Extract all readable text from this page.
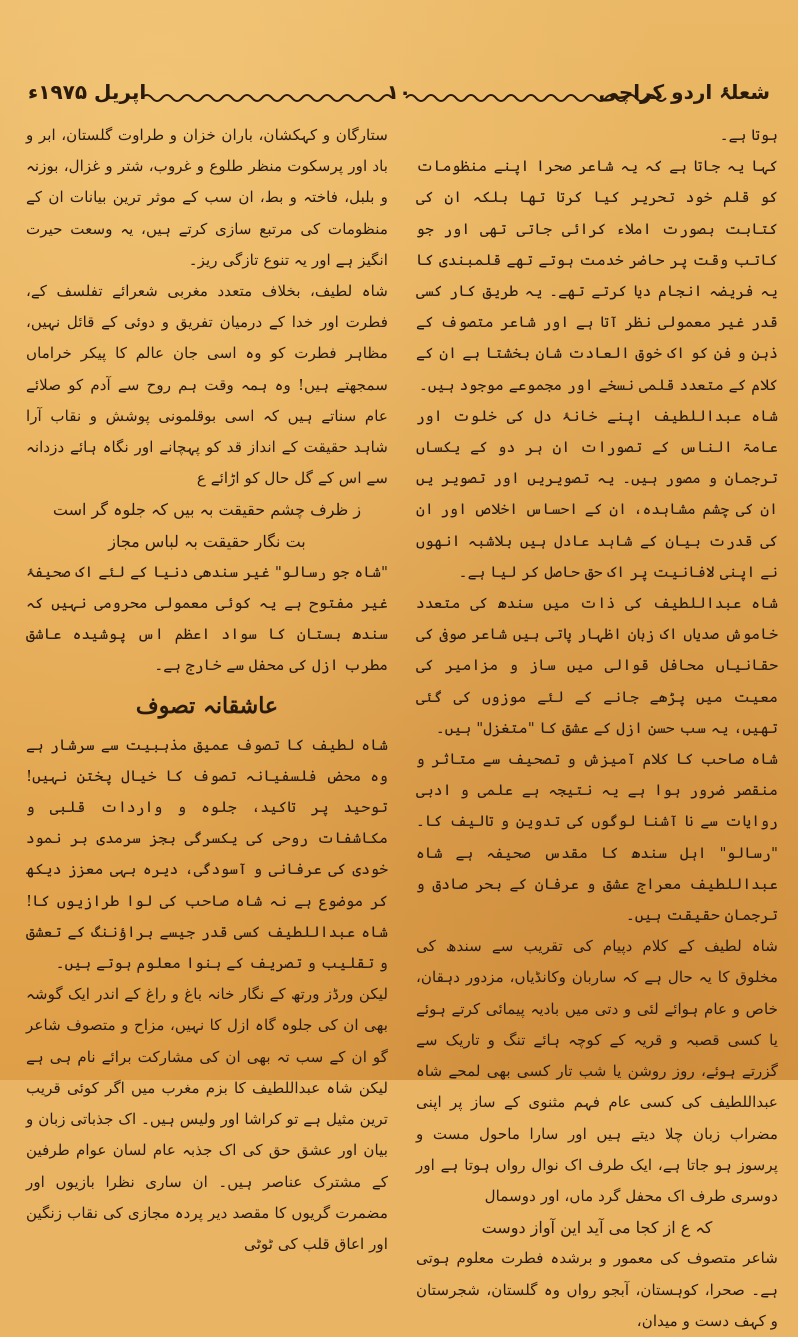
شعلۂ اردو کراچی
۱۰
اپریل ۱۹۷۵ء

ہوتا ہے۔

کہا یہ جاتا ہے کہ یہ شاعر صحرا اپنے منظومات کو قلم خود تحریر کیا کرتا تھا بلکہ ان کی کتابت بصورت املاء کرائی جاتی تھی اور جو کاتب وقت پر حاضر خدمت ہوتے تھے قلمبندی کا یہ فریضہ انجام دیا کرتے تھے۔ یہ طریق کار کسی قدر غیر معمولی نظر آتا ہے اور شاعر متصوف کے ذہن و فن کو اک خوق العادت شان بخشتا ہے ان کے کلام کے متعدد قلمی نسخے اور مجموعے موجود ہیں۔

شاہ عبداللطیف اپنے خانۂ دل کی خلوت اور عامۃ الناس کے تصورات ان ہر دو کے یکساں ترجمان و مصور ہیں۔ یہ تصویریں اور تصویر یں ان کی چشم مشاہدہ، ان کے احساس اخلاص اور ان کی قدرت بیان کے شاہد عادل ہیں بلاشبہ انھوں نے اپنی لافانیت پر اک حق حاصل کر لیا ہے۔

شاہ عبداللطیف کی ذات میں سندھ کی متعدد خاموش صدیاں اک زبان اظہار پاتی ہیں شاعر صوفی کی حقانیاں محافل قوالی میں ساز و مزامیر کی معیت میں پڑھے جانے کے لئے موزوں کی گئی تھیں، یہ سب حسن ازل کے عشق کا "متغزل" ہیں۔

شاہ صاحب کا کلام آمیزش و تصحیف سے متاثر و منقصر ضرور ہوا ہے یہ نتیجہ ہے علمی و ادبی روایات سے نا آشنا لوگوں کی تدوین و تالیف کا۔ "رسالو" اہل سندھ کا مقدس صحیفہ ہے شاہ عبداللطیف معراج عشق و عرفان کے بحر صادق و ترجمان حقیقت ہیں۔

شاہ لطیف کے کلام دپیام کی تقریب سے سندھ کی مخلوق کا یہ حال ہے کہ ساربان وکانڈیاں، مزدور دہقان، خاص و عام ہوائے لئی و دتی میں بادیہ پیمائی کرتے ہوئے یا کسی قصبہ و قریہ کے کوچہ ہائے تنگ و تاریک سے گزرتے ہوئے، روز روشن یا شب تار کسی بھی لمحے شاہ عبداللطیف کی کسی عام فہم مثنوی کے ساز پر اپنی مضراب زبان چلا دیتے ہیں اور سارا ماحول مست و پرسوز ہو جاتا ہے، ایک طرف اک نوال رواں ہوتا ہے اور دوسری طرف اک محفل گرد ماں، اور دوسمال

کہ ع از کجا می آید این آواز دوست

شاعر متصوف کی معمور و برشدہ فطرت معلوم ہوتی ہے۔ صحرا، کوہستان، آبجو رواں وہ گلستان، شجرستان و کہف دست و میدان،

ستارگان و کہکشان، باران خزان و طراوت گلستان، ابر و باد اور پرسکوت منظر طلوع و غروب، شتر و غزال، بوزنہ و بلبل، فاختہ و بط، ان سب کے موثر ترین بیانات ان کے منظومات کی مرتبع سازی کرتے ہیں، یہ وسعت حیرت انگیز ہے اور یہ تنوع تازگی ریز۔

شاہ لطیف، بخلاف متعدد مغربی شعرائے تفلسف کے، فطرت اور خدا کے درمیان تفریق و دوئی کے قائل نہیں، مظاہر فطرت کو وہ اسی جان عالم کا پیکر خراماں سمجھتے ہیں! وہ ہمہ وقت ہم روح سے آدم کو صلائے عام سناتے ہیں کہ اسی بوقلمونی پوشش و نقاب آرا شاہد حقیقت کے انداز قد کو پہچانے اور نگاہ ہائے دزدانہ سے اس کے گل حال کو اڑائے ع

ز ظرف چشم حقیقت بہ بیں کہ جلوہ گر است

بت نگار حقیقت بہ لباس مجاز

"شاہ جو رسالو" غیر سندھی دنیا کے لئے اک صحیفۂ غیر مفتوح ہے یہ کوئی معمولی محرومی نہیں کہ سندھ بستان کا سواد اعظم اس پوشیدہ عاشق مطرب ازل کی محفل سے خارج ہے۔

عاشقانہ تصوف

شاہ لطیف کا تصوف عمیق مذہبیت سے سرشار ہے وہ محض فلسفیانہ تصوف کا خیال پختن نہیں! توحید پر تاکید، جلوہ و واردات قلبی و مکاشفات روحی کی یکسرگی بجز سرمدی بر نمود خودی کی عرفانی و آسودگی، دیرہ بہی معزز دیکھ کر موضوع ہے نہ شاہ صاحب کی لوا طرازیوں کا! شاہ عبداللطیف کسی قدر جیسے براؤننگ کے تعشق و تقلیب و تصریف کے ہنوا معلوم ہوتے ہیں۔

لیکن ورڈز ورتھ کے نگار خانہ باغ و راغ کے اندر ایک گوشہ بھی ان کی جلوہ گاہ ازل کا نہیں، مزاح و متصوف شاعر گو ان کے سب تہ بھی ان کی مشارکت برائے نام ہی ہے لیکن شاہ عبداللطیف کا بزم مغرب میں اگر کوئی قریب ترین مثیل ہے تو کراشا اور ولیس ہیں۔ اک جذباتی زبان و بیان اور عشق حق کی اک جذبہ عام لسان عوام طرفین کے مشترک عناصر ہیں۔ ان ساری نظرا بازیوں اور مضمرت گریوں کا مقصد دیر پردہ مجازی کی نقاب زنگین اور اعاق قلب کی ٹوٹی
